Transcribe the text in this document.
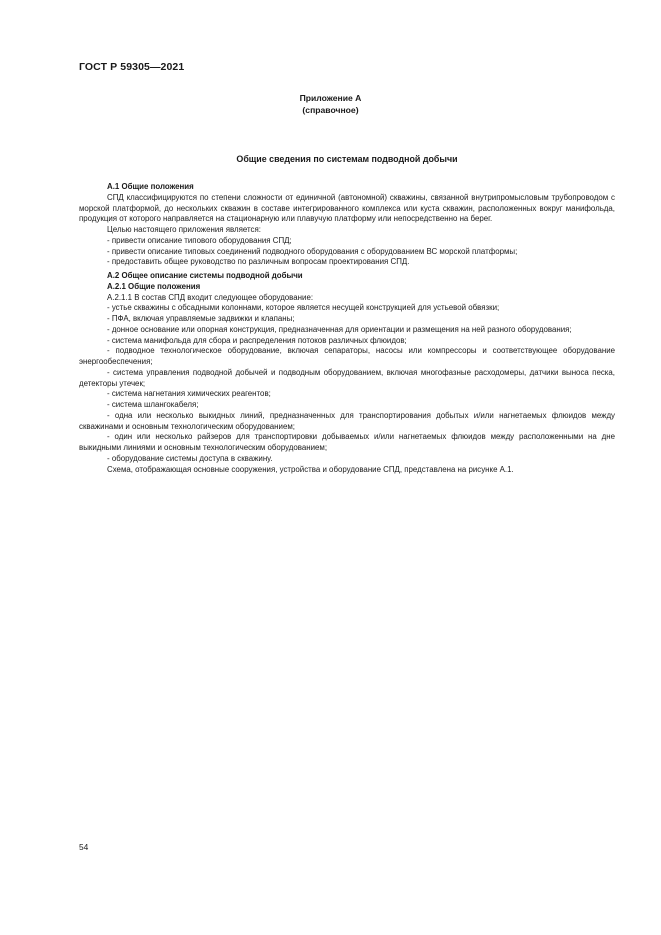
ГОСТ Р 59305—2021
Приложение А
(справочное)
Общие сведения по системам подводной добычи

А.1 Общие положения

СПД классифицируются по степени сложности от единичной (автономной) скважины, связанной внутрипромысловым трубопроводом с морской платформой, до нескольких скважин в составе интегрированного комплекса или куста скважин, расположенных вокруг манифольда, продукция от которого направляется на стационарную или плавучую платформу или непосредственно на берег.

Целью настоящего приложения является:

- привести описание типового оборудования СПД;

- привести описание типовых соединений подводного оборудования с оборудованием ВС морской платформы;

- предоставить общее руководство по различным вопросам проектирования СПД.

А.2 Общее описание системы подводной добычи

А.2.1 Общие положения

А.2.1.1 В состав СПД входит следующее оборудование:

- устье скважины с обсадными колоннами, которое является несущей конструкцией для устьевой обвязки;

- ПФА, включая управляемые задвижки и клапаны;

- донное основание или опорная конструкция, предназначенная для ориентации и размещения на ней разного оборудования;

- система манифольда для сбора и распределения потоков различных флюидов;

- подводное технологическое оборудование, включая сепараторы, насосы или компрессоры и соответствующее оборудование энергообеспечения;

- система управления подводной добычей и подводным оборудованием, включая многофазные расходомеры, датчики выноса песка, детекторы утечек;

- система нагнетания химических реагентов;

- система шлангокабеля;

- одна или несколько выкидных линий, предназначенных для транспортирования добытых и/или нагнетаемых флюидов между скважинами и основным технологическим оборудованием;

- один или несколько райзеров для транспортировки добываемых и/или нагнетаемых флюидов между расположенными на дне выкидными линиями и основным технологическим оборудованием;

- оборудование системы доступа в скважину.

Схема, отображающая основные сооружения, устройства и оборудование СПД, представлена на рисунке А.1.

54
